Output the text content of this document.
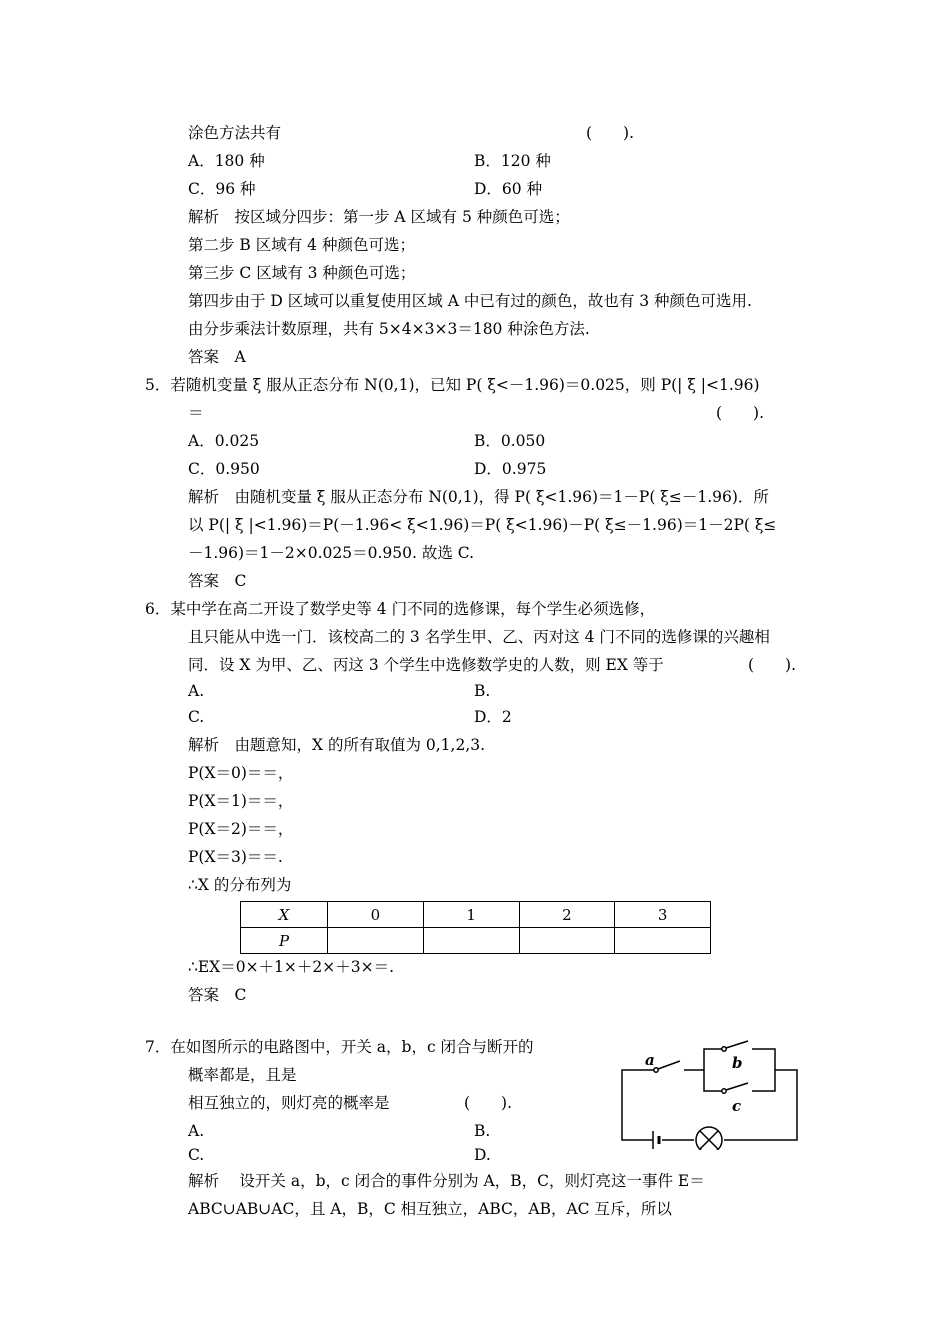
涂色方法共有	(　　).
A．180 种	B．120 种
C．96 种	D．60 种
解析　按区域分四步：第一步 A 区域有 5 种颜色可选；
第二步 B 区域有 4 种颜色可选；
第三步 C 区域有 3 种颜色可选；
第四步由于 D 区域可以重复使用区域 A 中已有过的颜色，故也有 3 种颜色可选用.
由分步乘法计数原理，共有 5×4×3×3＝180 种涂色方法.
答案　A
5．若随机变量 ξ 服从正态分布 N(0,1)，已知 P( ξ<－1.96)＝0.025，则 P(| ξ |<1.96)
＝	(　　).
A．0.025	B．0.050
C．0.950	D．0.975
解析　由随机变量 ξ 服从正态分布 N(0,1)，得 P( ξ<1.96)＝1－P( ξ≤－1.96)．所
以 P(| ξ |<1.96)＝P(－1.96< ξ<1.96)＝P( ξ<1.96)－P( ξ≤－1.96)＝1－2P( ξ≤
－1.96)＝1－2×0.025＝0.950. 故选 C.
答案　C
6．某中学在高二开设了数学史等 4 门不同的选修课，每个学生必须选修，
且只能从中选一门．该校高二的 3 名学生甲、乙、丙对这 4 门不同的选修课的兴趣相
同．设 X 为甲、乙、丙这 3 个学生中选修数学史的人数，则 EX 等于	(　　).
A.	B.
C.	D．2
解析　由题意知，X 的所有取值为 0,1,2,3.
P(X＝0)＝＝，
P(X＝1)＝＝，
P(X＝2)＝＝，
P(X＝3)＝＝.
∴X 的分布列为
X	0	1	2	3
P				
∴EX＝0×＋1×＋2×＋3×＝.
答案　C
7．在如图所示的电路图中，开关 a，b，c 闭合与断开的
概率都是，且是
相互独立的，则灯亮的概率是	(　　).
A.	B.
C.	D.
解析　 设开关 a，b，c 闭合的事件分别为 A，B，C，则灯亮这一事件 E＝
ABC∪AB∪AC，且 A，B，C 相互独立，ABC，AB，AC 互斥，所以
a	b
c
